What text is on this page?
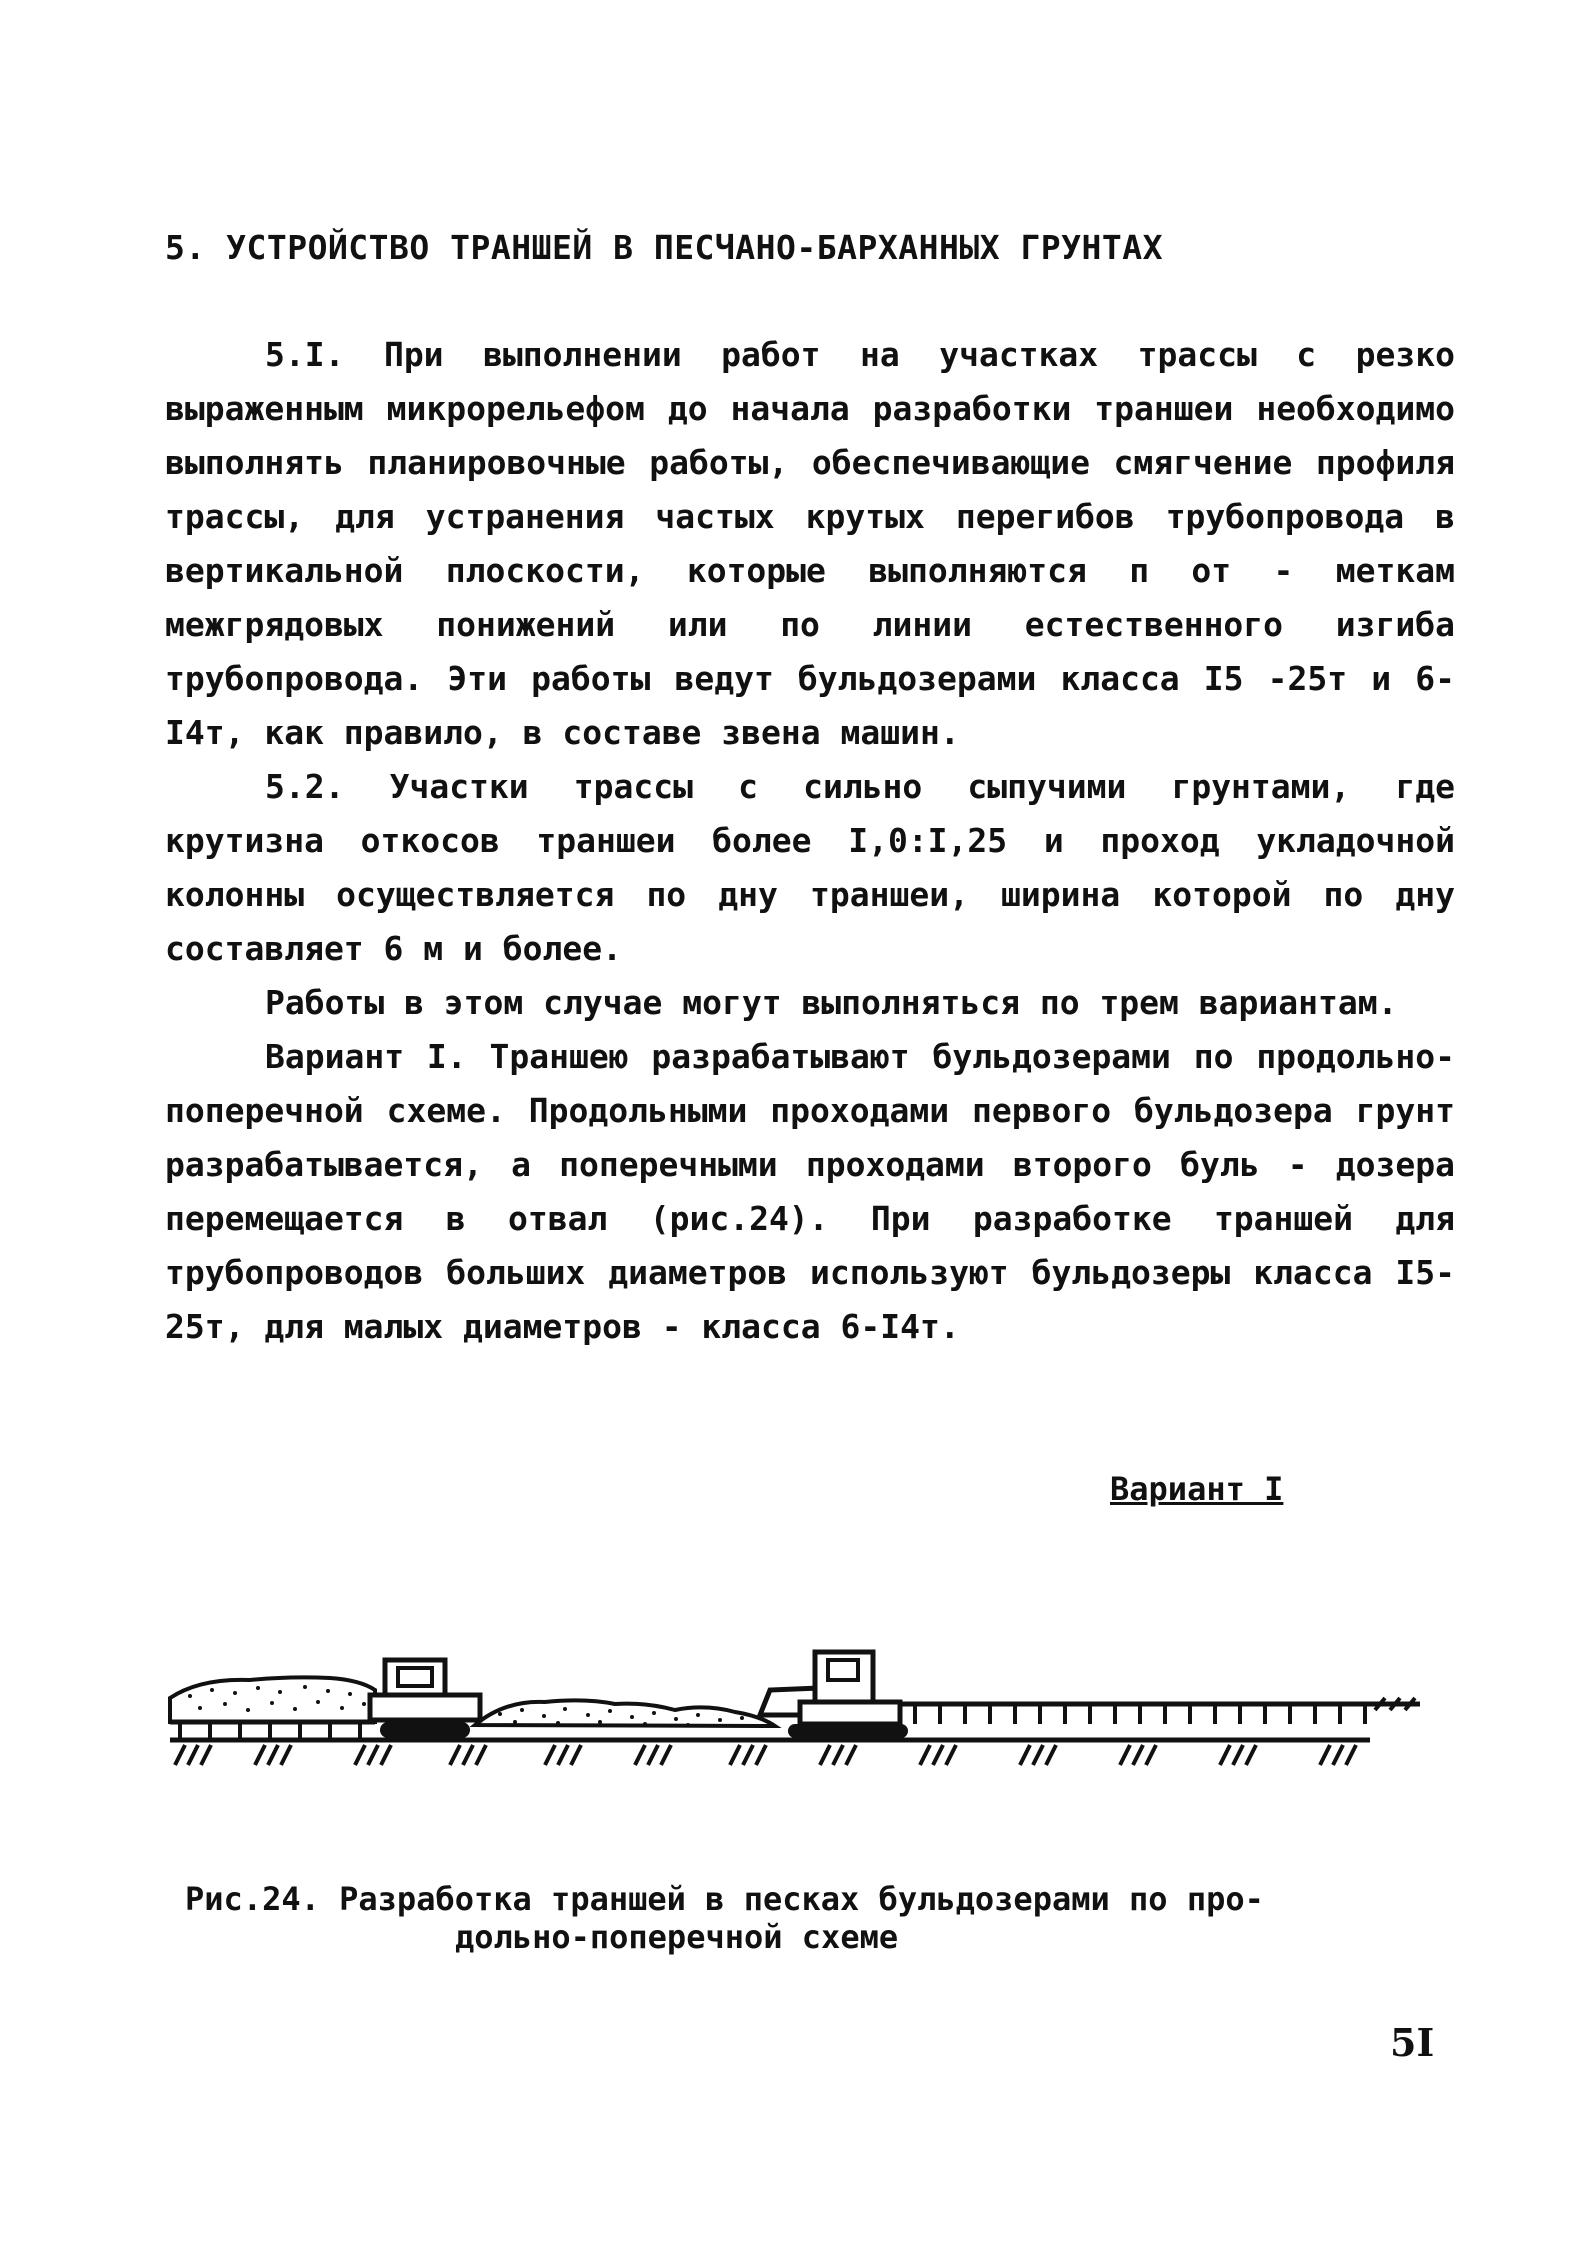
5. УСТРОЙСТВО ТРАНШЕЙ В ПЕСЧАНО-БАРХАННЫХ ГРУНТАХ

5.I. При выполнении работ на участках трассы с резко выраженным микрорельефом до начала разработки траншеи необходимо выполнять планировочные работы, обеспечивающие смягчение профиля трассы, для устранения частых крутых перегибов трубопровода в вертикальной плоскости, которые выполняются п от - меткам межгрядовых понижений или по линии естественного изгиба трубопровода. Эти работы ведут бульдозерами класса I5 -25т и 6-I4т, как правило, в составе звена машин.

5.2. Участки трассы с сильно сыпучими грунтами, где крутизна откосов траншеи более I,0:I,25 и проход укладочной колонны осуществляется по дну траншеи, ширина которой по дну составляет 6 м и более.

Работы в этом случае могут выполняться по трем вариантам.

Вариант I. Траншею разрабатывают бульдозерами по продольно-поперечной схеме. Продольными проходами первого бульдозера грунт разрабатывается, а поперечными проходами второго буль - дозера перемещается в отвал (рис.24). При разработке траншей для трубопроводов больших диаметров используют бульдозеры класса I5-25т, для малых диаметров - класса 6-I4т.

Вариант I
Рис.24. Разработка траншей в песках бульдозерами по про-
дольно-поперечной схеме
5I
